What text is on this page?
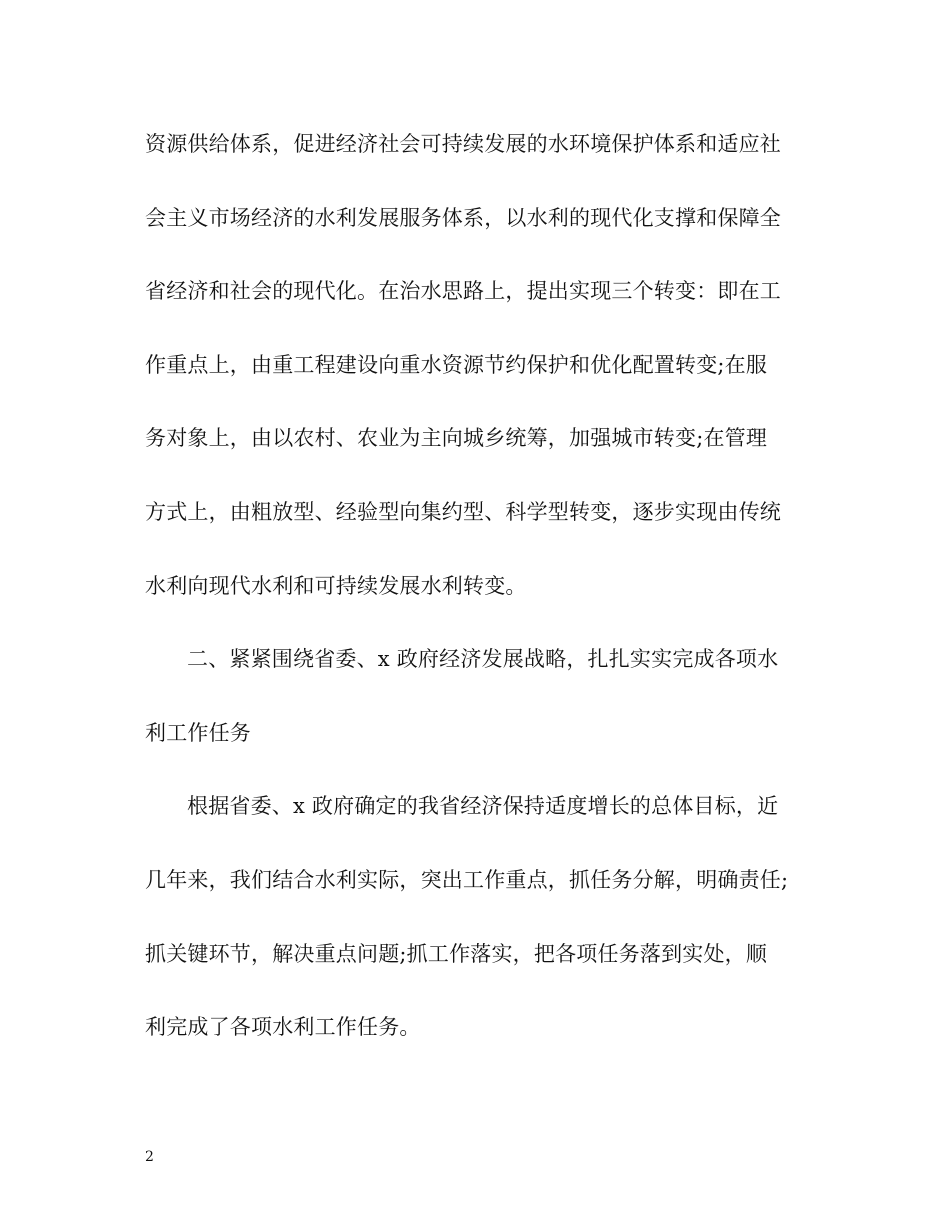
资源供给体系，促进经济社会可持续发展的水环境保护体系和适应社
会主义市场经济的水利发展服务体系，以水利的现代化支撑和保障全
省经济和社会的现代化。在治水思路上，提出实现三个转变：即在工
作重点上，由重工程建设向重水资源节约保护和优化配置转变;在服
务对象上，由以农村、农业为主向城乡统筹，加强城市转变;在管理
方式上，由粗放型、经验型向集约型、科学型转变，逐步实现由传统
水利向现代水利和可持续发展水利转变。
二、紧紧围绕省委、x 政府经济发展战略，扎扎实实完成各项水
利工作任务
根据省委、x 政府确定的我省经济保持适度增长的总体目标，近
几年来，我们结合水利实际，突出工作重点，抓任务分解，明确责任;
抓关键环节，解决重点问题;抓工作落实，把各项任务落到实处，顺
利完成了各项水利工作任务。
2
